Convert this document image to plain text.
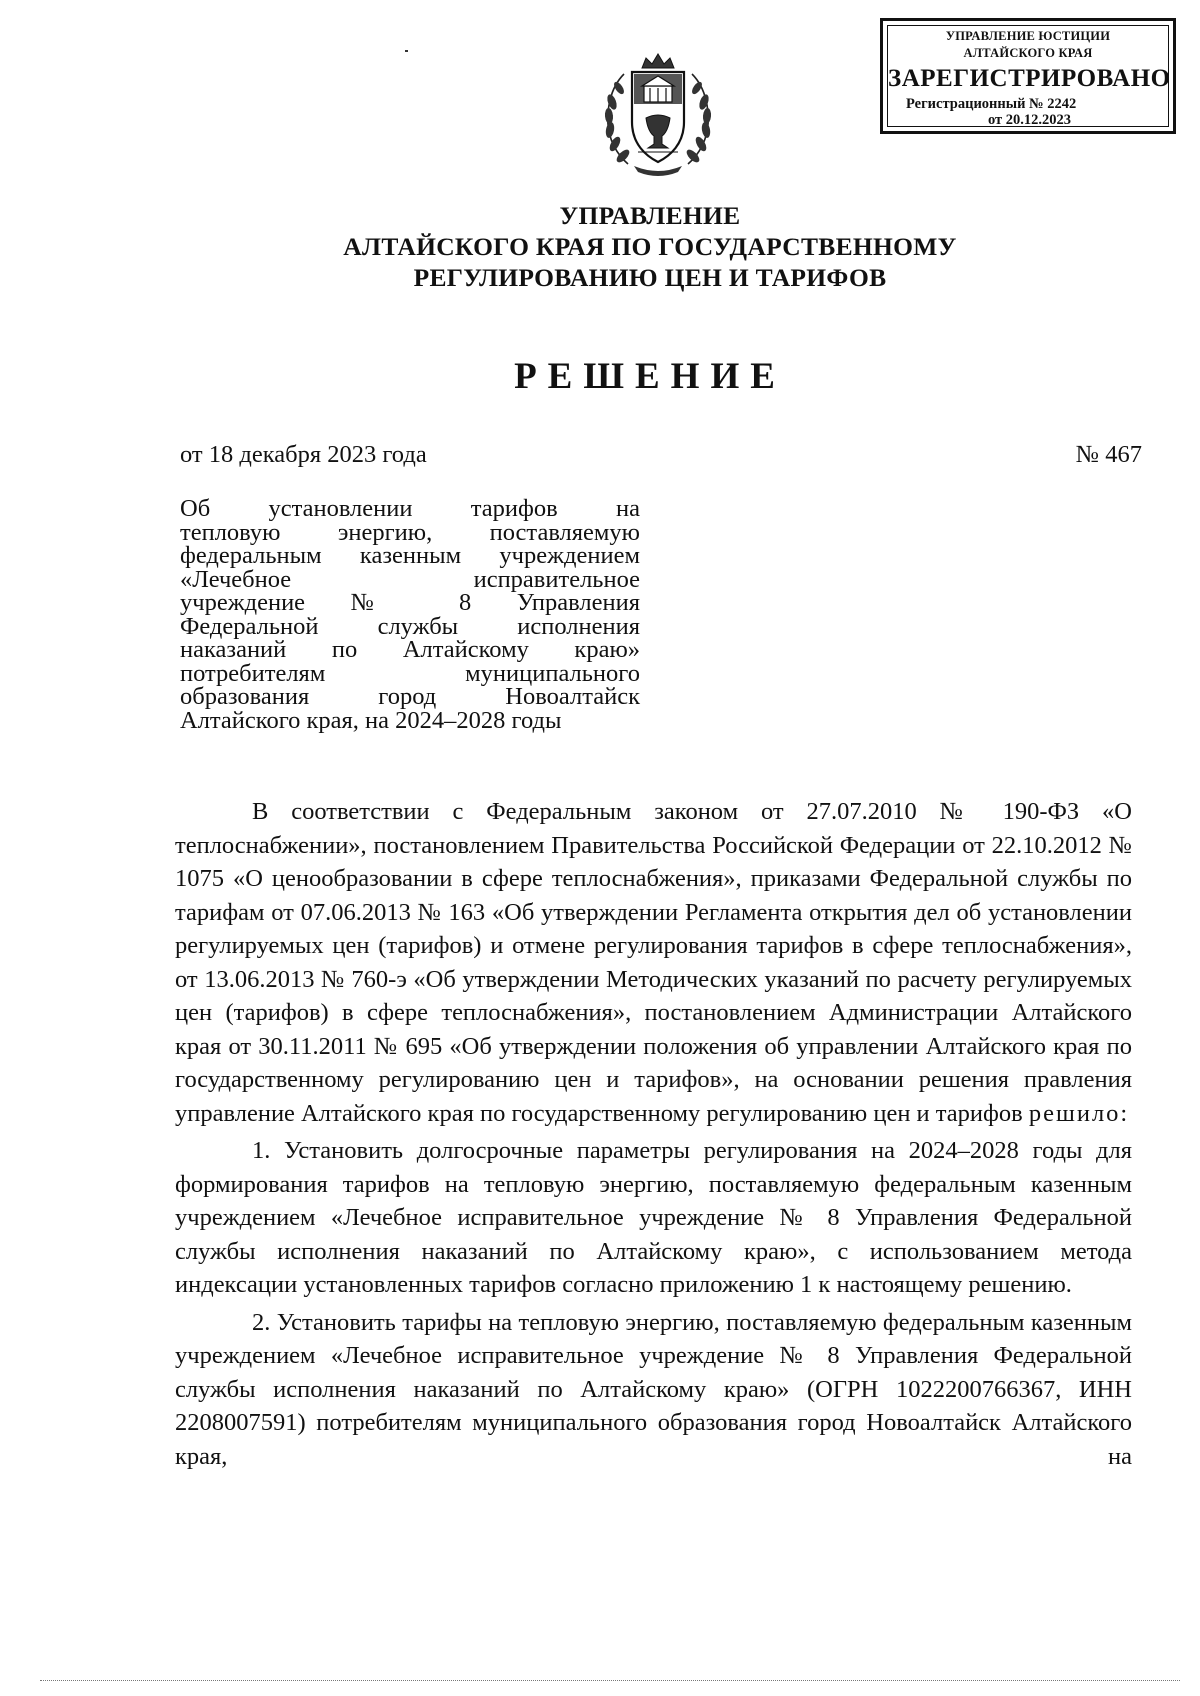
УПРАВЛЕНИЕ ЮСТИЦИИ
АЛТАЙСКОГО КРАЯ
ЗАРЕГИСТРИРОВАНО
Регистрационный № 2242
от 20.12.2023
УПРАВЛЕНИЕ
АЛТАЙСКОГО КРАЯ ПО ГОСУДАРСТВЕННОМУ
РЕГУЛИРОВАНИЮ ЦЕН И ТАРИФОВ
РЕШЕНИЕ
от 18 декабря 2023 года	№ 467
Об установлении тарифов на
тепловую энергию, поставляемую
федеральным казенным учреждением
«Лечебное исправительное
учреждение № 8 Управления
Федеральной службы исполнения
наказаний по Алтайскому краю»
потребителям муниципального
образования город Новоалтайск
Алтайского края, на 2024–2028 годы

В соответствии с Федеральным законом от 27.07.2010 № 190-ФЗ «О теплоснабжении», постановлением Правительства Российской Федерации от 22.10.2012 № 1075 «О ценообразовании в сфере теплоснабжения», приказами Федеральной службы по тарифам от 07.06.2013 № 163 «Об утверждении Регламента открытия дел об установлении регулируемых цен (тарифов) и отмене регулирования тарифов в сфере теплоснабжения», от 13.06.2013 № 760-э «Об утверждении Методических указаний по расчету регулируемых цен (тарифов) в сфере теплоснабжения», постановлением Администрации Алтайского края от 30.11.2011 № 695 «Об утверждении положения об управлении Алтайского края по государственному регулированию цен и тарифов», на основании решения правления управление Алтайского края по государственному регулированию цен и тарифов решило:

1. Установить долгосрочные параметры регулирования на 2024–2028 годы для формирования тарифов на тепловую энергию, поставляемую федеральным казенным учреждением «Лечебное исправительное учреждение № 8 Управления Федеральной службы исполнения наказаний по Алтайскому краю», с использованием метода индексации установленных тарифов согласно приложению 1 к настоящему решению.

2. Установить тарифы на тепловую энергию, поставляемую федеральным казенным учреждением «Лечебное исправительное учреждение № 8 Управления Федеральной службы исполнения наказаний по Алтайскому краю» (ОГРН 1022200766367, ИНН 2208007591) потребителям муниципального образования город Новоалтайск Алтайского края, на
